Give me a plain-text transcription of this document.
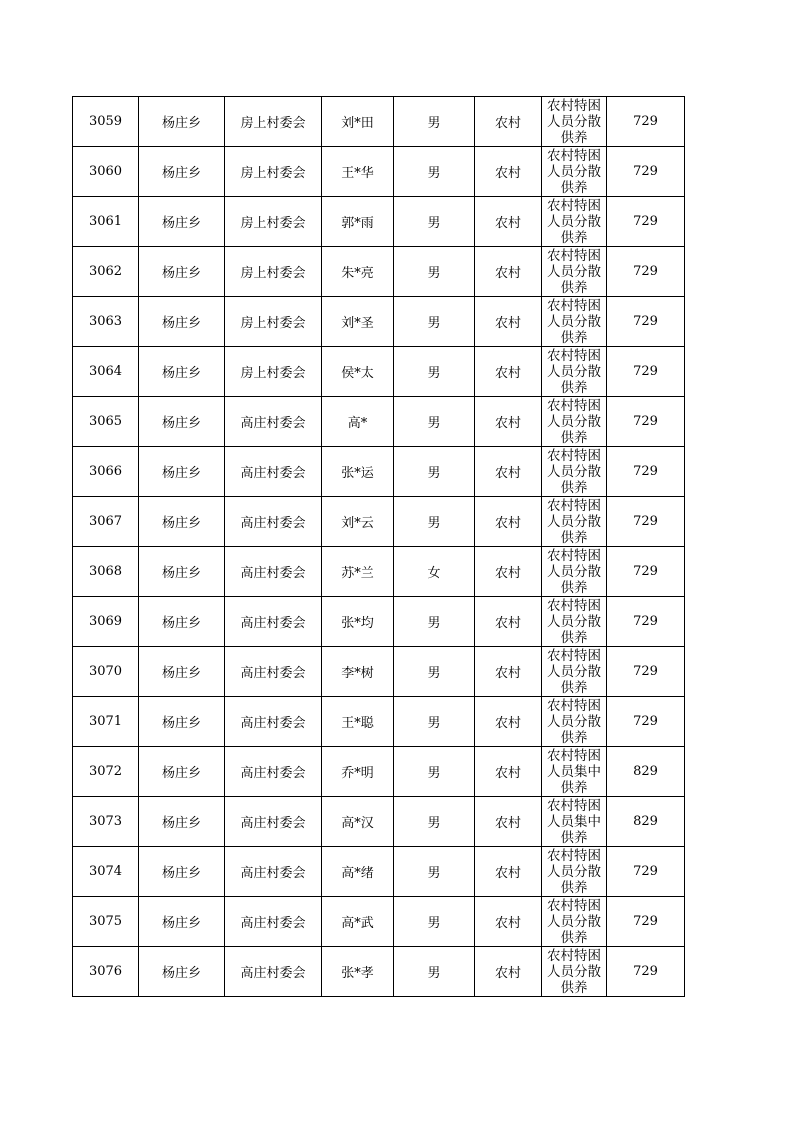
3059	杨庄乡	房上村委会	刘*田	男	农村	农村特困人员分散供养	729
3060	杨庄乡	房上村委会	王*华	男	农村	农村特困人员分散供养	729
3061	杨庄乡	房上村委会	郭*雨	男	农村	农村特困人员分散供养	729
3062	杨庄乡	房上村委会	朱*亮	男	农村	农村特困人员分散供养	729
3063	杨庄乡	房上村委会	刘*圣	男	农村	农村特困人员分散供养	729
3064	杨庄乡	房上村委会	侯*太	男	农村	农村特困人员分散供养	729
3065	杨庄乡	高庄村委会	高*	男	农村	农村特困人员分散供养	729
3066	杨庄乡	高庄村委会	张*运	男	农村	农村特困人员分散供养	729
3067	杨庄乡	高庄村委会	刘*云	男	农村	农村特困人员分散供养	729
3068	杨庄乡	高庄村委会	苏*兰	女	农村	农村特困人员分散供养	729
3069	杨庄乡	高庄村委会	张*均	男	农村	农村特困人员分散供养	729
3070	杨庄乡	高庄村委会	李*树	男	农村	农村特困人员分散供养	729
3071	杨庄乡	高庄村委会	王*聪	男	农村	农村特困人员分散供养	729
3072	杨庄乡	高庄村委会	乔*明	男	农村	农村特困人员集中供养	829
3073	杨庄乡	高庄村委会	高*汉	男	农村	农村特困人员集中供养	829
3074	杨庄乡	高庄村委会	高*绪	男	农村	农村特困人员分散供养	729
3075	杨庄乡	高庄村委会	高*武	男	农村	农村特困人员分散供养	729
3076	杨庄乡	高庄村委会	张*孝	男	农村	农村特困人员分散供养	729
